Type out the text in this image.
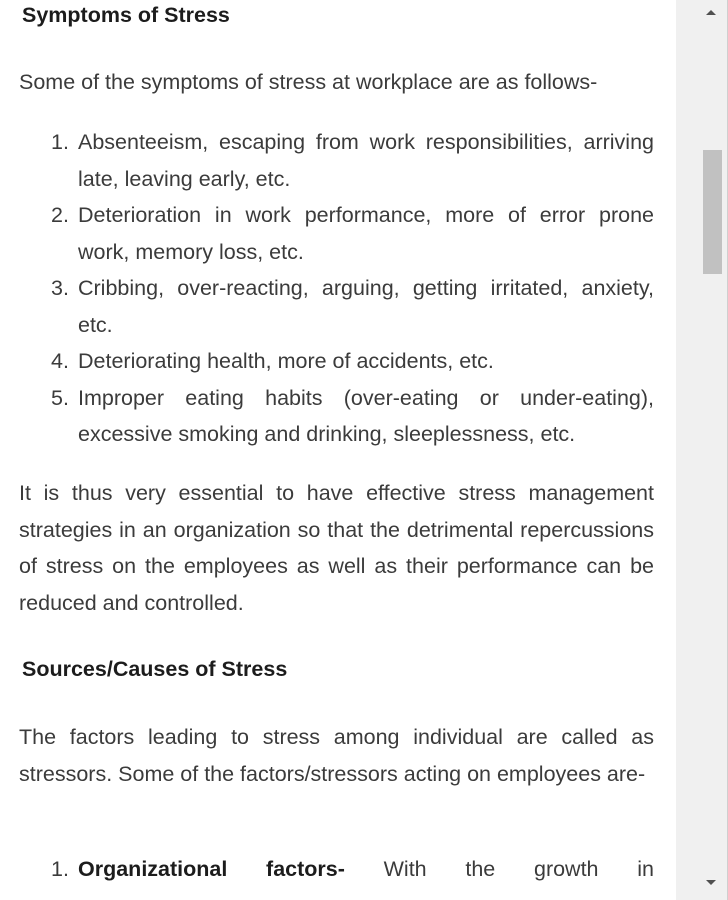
Symptoms of Stress

Some of the symptoms of stress at workplace are as follows-

1. Absenteeism, escaping from work responsibilities, arriving late, leaving early, etc.
2. Deterioration in work performance, more of error prone work, memory loss, etc.
3. Cribbing, over-reacting, arguing, getting irritated, anxiety, etc.
4. Deteriorating health, more of accidents, etc.
5. Improper eating habits (over-eating or under-eating), excessive smoking and drinking, sleeplessness, etc.

It is thus very essential to have effective stress management strategies in an organization so that the detrimental repercussions of stress on the employees as well as their performance can be reduced and controlled.

Sources/Causes of Stress

The factors leading to stress among individual are called as stressors. Some of the factors/stressors acting on employees are-

1. Organizational factors- With the growth in
